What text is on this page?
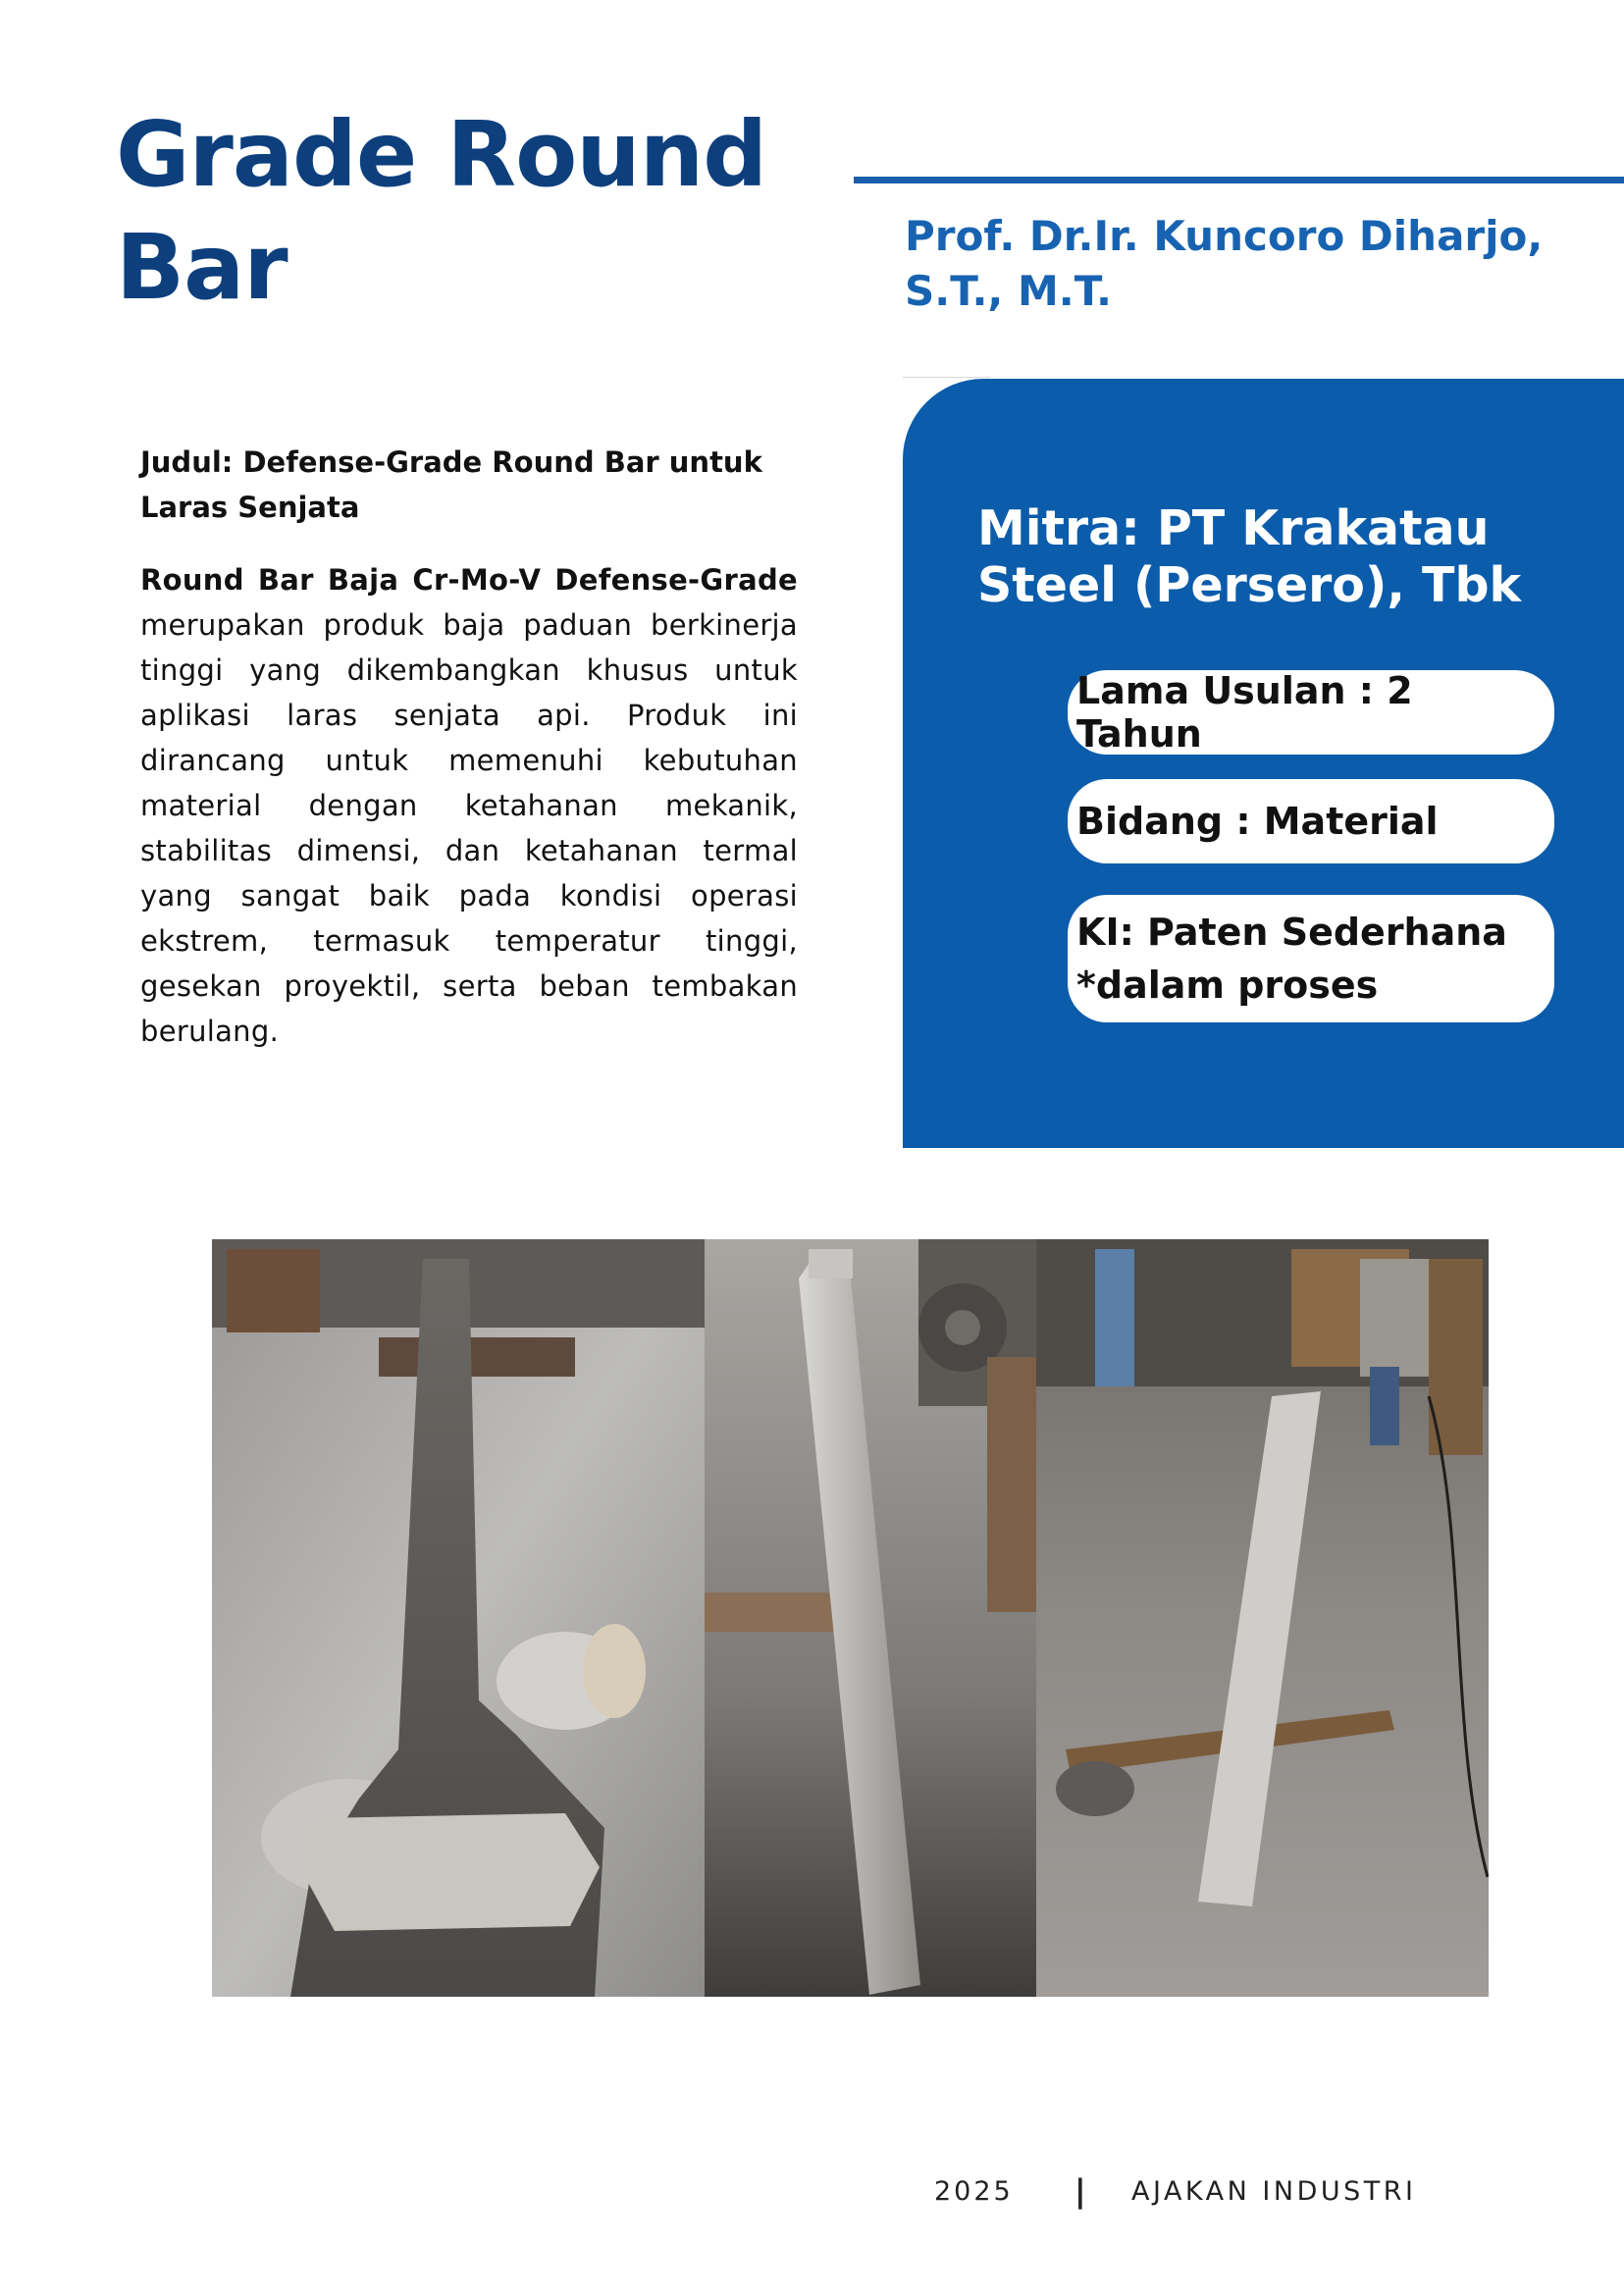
Grade Round Bar	Prof. Dr.Ir. Kuncoro Diharjo, S.T., M.T.

Judul: Defense-Grade Round Bar untuk Laras Senjata

Round Bar Baja Cr-Mo-V Defense-Grade merupakan produk baja paduan berkinerja tinggi yang dikembangkan khusus untuk aplikasi laras senjata api. Produk ini dirancang untuk memenuhi kebutuhan material dengan ketahanan mekanik, stabilitas dimensi, dan ketahanan termal yang sangat baik pada kondisi operasi ekstrem, termasuk temperatur tinggi, gesekan proyektil, serta beban tembakan berulang.

Mitra: PT Krakatau Steel (Persero), Tbk
Lama Usulan : 2 Tahun
Bidang : Material
KI: Paten Sederhana *dalam proses
2025 | AJAKAN INDUSTRI
